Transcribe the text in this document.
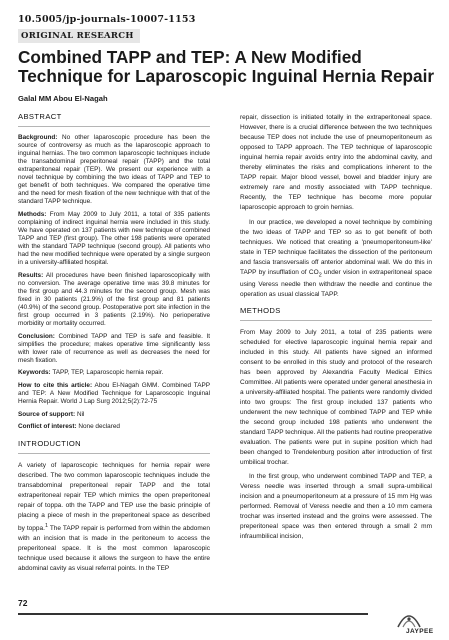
10.5005/jp-journals-10007-1153
ORIGINAL RESEARCH
Combined TAPP and TEP: A New Modified Technique for Laparoscopic Inguinal Hernia Repair
Galal MM Abou El-Nagah
ABSTRACT

Background: No other laparoscopic procedure has been the source of controversy as much as the laparoscopic approach to inguinal hernias. The two common laparoscopic techniques include the transabdominal preperitoneal repair (TAPP) and the total extraperitoneal repair (TEP). We present our experience with a novel technique by combining the two ideas of TAPP and TEP to get benefit of both techniques. We compared the operative time and the need for mesh fixation of the new technique with that of the standard TAPP technique.

Methods: From May 2009 to July 2011, a total of 335 patients complaining of indirect inguinal hernia were included in this study. We have operated on 137 patients with new technique of combined TAPP and TEP (first group). The other 198 patients were operated with the standard TAPP technique (second group). All patients who had the new modified technique were operated by a single surgeon in a university-affiliated hospital.

Results: All procedures have been finished laparoscopically with no conversion. The average operative time was 39.8 minutes for the first group and 44.3 minutes for the second group. Mesh was fixed in 30 patients (21.9%) of the first group and 81 patients (40.9%) of the second group. Postoperative port site infection in the first group occurred in 3 patients (2.19%). No perioperative morbidity or mortality occurred.

Conclusion: Combined TAPP and TEP is safe and feasible. It simplifies the procedure; makes operative time significantly less with lower rate of recurrence as well as decreases the need for mesh fixation.

Keywords: TAPP, TEP, Laparoscopic hernia repair.

How to cite this article: Abou El-Nagah GMM. Combined TAPP and TEP: A New Modified Technique for Laparoscopic Inguinal Hernia Repair. World J Lap Surg 2012;5(2):72-75

Source of support: Nil

Conflict of interest: None declared

INTRODUCTION

A variety of laparoscopic techniques for hernia repair were described. The two common laparoscopic techniques include the transabdominal preperitoneal repair TAPP and the total extraperitoneal repair TEP which mimics the open preperitoneal repair of toppa. oth the TAPP and TEP use the basic principle of placing a piece of mesh in the preperitoneal space as described by toppa.$^1$ The TAPP repair is performed from within the abdomen with an incision that is made in the peritoneum to access the preperitoneal space. It is the most common laparoscopic technique used because it allows the surgeon to have the entire abdominal cavity as visual referral points. In the TEP

repair, dissection is initiated totally in the extraperitoneal space. However, there is a crucial difference between the two techniques because TEP does not include the use of pneumoperitoneum as opposed to TAPP approach. The TEP technique of laparoscopic inguinal hernia repair avoids entry into the abdominal cavity, and thereby eliminates the risks and complications inherent to the TAPP repair. Major blood vessel, bowel and bladder injury are extremely rare and mostly associated with TAPP technique. Recently, the TEP technique has become more popular laparoscopic approach to groin hernias.

In our practice, we developed a novel technique by combining the two ideas of TAPP and TEP so as to get benefit of both techniques. We noticed that creating a 'pneumoperitoneum-like' state in TEP technique facilitates the dissection of the peritoneum and fascia transversalis off anterior abdominal wall. We do this in TAPP by insufflation of $CO_2$ under vision in extraperitoneal space using Veress needle then withdraw the needle and continue the operation as usual classical TAPP.

METHODS

From May 2009 to July 2011, a total of 235 patients were scheduled for elective laparoscopic inguinal hernia repair and included in this study. All patients have signed an informed consent to be enrolled in this study and protocol of the research has been approved by Alexandria Faculty Medical Ethics Committee. All patients were operated under general anesthesia in a university-affiliated hospital. The patients were randomly divided into two groups: The first group included 137 patients who underwent the new technique of combined TAPP and TEP while the second group included 198 patients who underwent the standard TAPP technique. All the patients had routine preoperative evaluation. The patients were put in supine position which had been changed to Trendelenburg position after introduction of first umbilical trochar.

In the first group, who underwent combined TAPP and TEP, a Veress needle was inserted through a small supra-umbilical incision and a pneumoperitoneum at a pressure of 15 mm Hg was performed. Removal of Veress needle and then a 10 mm camera trochar was inserted instead and the groins were assessed. The preperitoneal space was then entered through a small 2 mm infraumbilical incision,

72
JAYPEE
